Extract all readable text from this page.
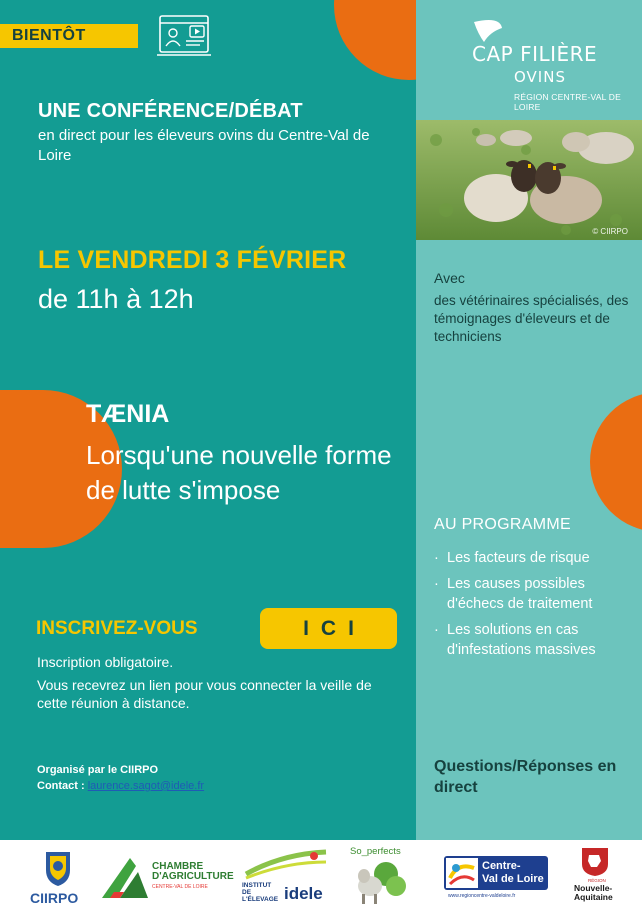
BIENTÔT
UNE CONFÉRENCE/DÉBAT
en direct pour les éleveurs ovins du Centre-Val de Loire
LE VENDREDI 3 FÉVRIER
de 11h à 12h
TÆNIA
Lorsqu'une nouvelle forme de lutte s'impose
INSCRIVEZ-VOUS	ICI
Inscription obligatoire.
Vous recevrez un lien pour vous connecter la veille de cette réunion à distance.
Organisé par le CIIRPO
Contact : laurence.sagot@idele.fr
CAP FILIÈRE
OVINS
RÉGION CENTRE-VAL DE LOIRE
© CIIRPO
Avec
des vétérinaires spécialisés, des témoignages d'éleveurs et de techniciens
AU PROGRAMME
· Les facteurs de risque
· Les causes possibles d'échecs de traitement
· Les solutions en cas d'infestations massives
Questions/Réponses en direct
CIIRPO
CHAMBRE
D'AGRICULTURE
CENTRE-VAL DE LOIRE	INSTITUT DE L'ÉLEVAGE idele
So_perfects
Centre-
Val de Loire
www.regioncentre-valdeloire.fr
RÉGION
Nouvelle-
Aquitaine
